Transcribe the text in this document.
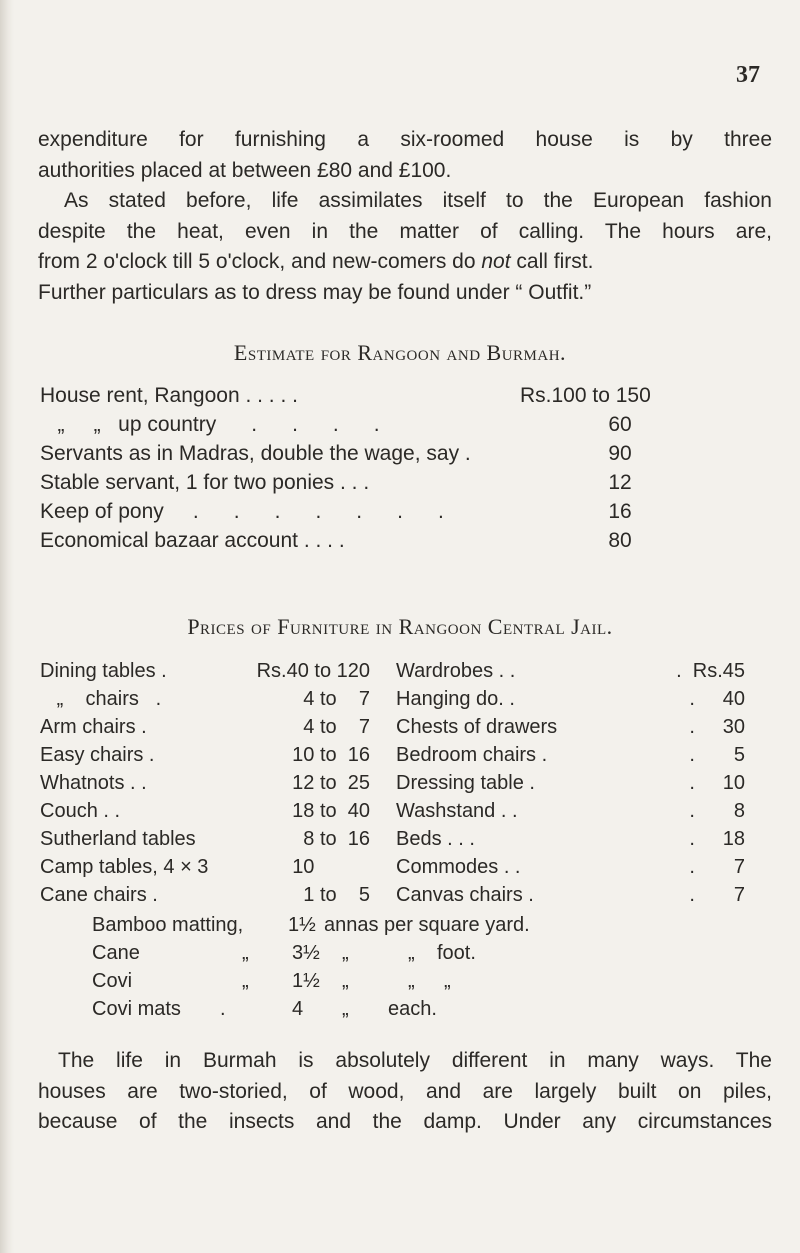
37

expenditure for furnishing a six-roomed house is by three
authorities placed at between £80 and £100.

As stated before, life assimilates itself to the European fashion
despite the heat, even in the matter of calling. The hours are,
from 2 o'clock till 5 o'clock, and new-comers do not call first.
Further particulars as to dress may be found under “ Outfit.”

Estimate for Rangoon and Burmah.
House rent, Rangoon . . . . .	Rs.100 to 150
„     „   up country      .      .      .      .	60
Servants as in Madras, double the wage, say .	90
Stable servant, 1 for two ponies . . .	12
Keep of pony     .      .      .      .      .      .      .	16
Economical bazaar account . . . .	80
Prices of Furniture in Rangoon Central Jail.
Dining tables .	Rs.40 to 120 Wardrobes . .	.  Rs.45
„    chairs   .	4 to    7 Hanging do. .	.     40
Arm chairs .	4 to    7 Chests of drawers	.     30
Easy chairs .	10 to  16 Bedroom chairs .	.       5
Whatnots . .	12 to  25 Dressing table .	.     10
Couch . .	18 to  40 Washstand . .	.       8
Sutherland tables	8 to  16 Beds . . .	.     18
Camp tables, 4 × 3	10 Commodes . .	.       7
Cane chairs .	1 to    5 Canvas chairs .	.       7
Bamboo matting, 1½ annas per square yard.
Cane	„ 3½ „	„ foot.
Covi	„ 1½ „	„ „
Covi mats .	4 „ each.

The life in Burmah is absolutely different in many ways. The
houses are two-storied, of wood, and are largely built on piles,
because of the insects and the damp. Under any circumstances
